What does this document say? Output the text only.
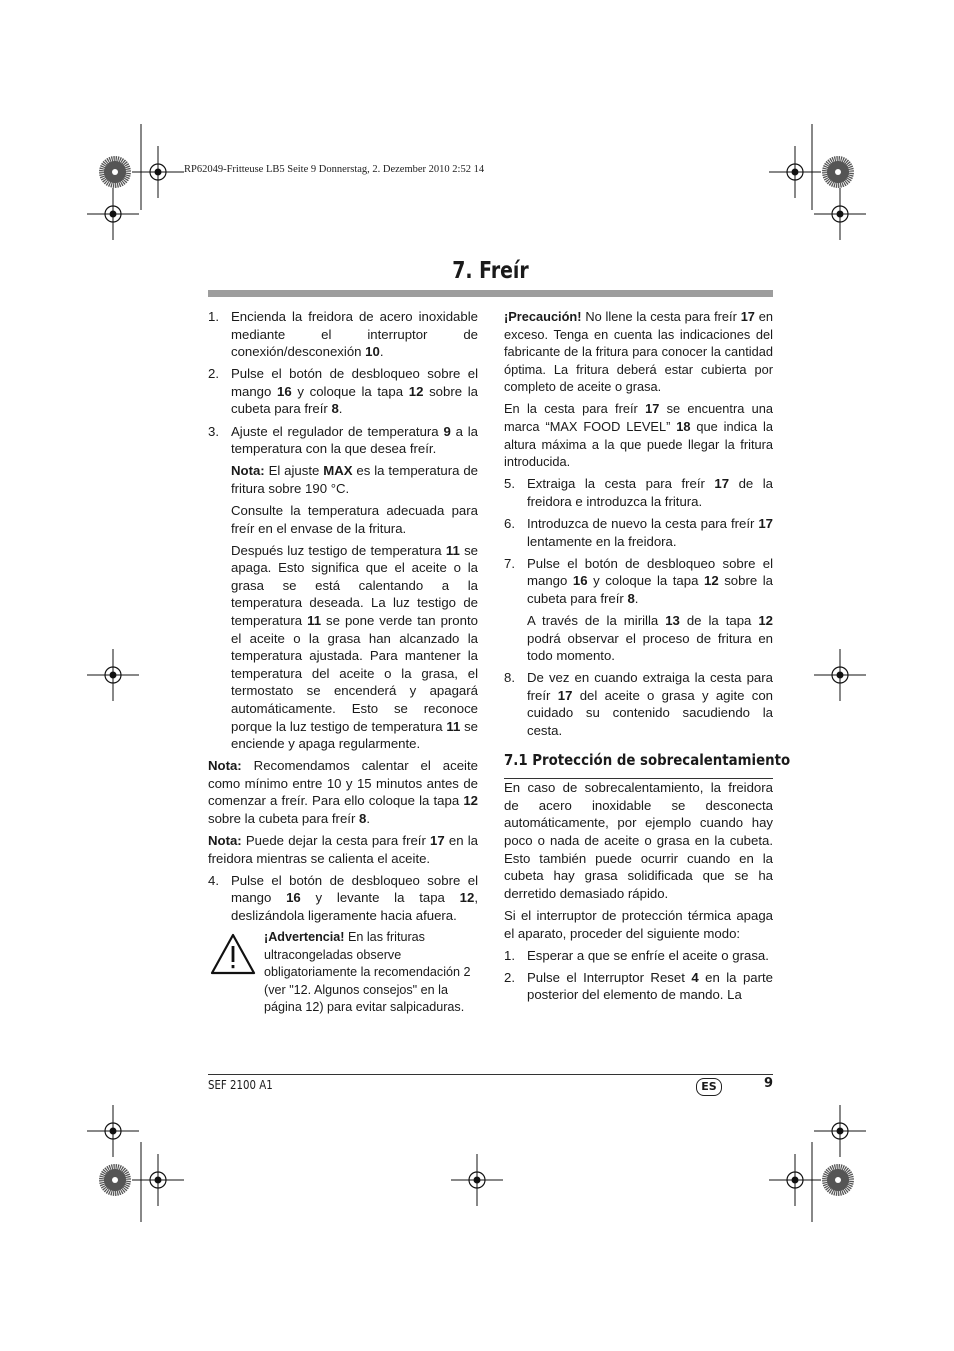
RP62049-Fritteuse LB5 Seite 9 Donnerstag, 2. Dezember 2010 2:52 14
7. Freír
1. Encienda la freidora de acero inoxidable mediante el interruptor de conexión/desconexión 10.
2. Pulse el botón de desbloqueo sobre el mango 16 y coloque la tapa 12 sobre la cubeta para freír 8.
3. Ajuste el regulador de temperatura 9 a la temperatura con la que desea freír.
Nota: El ajuste MAX es la temperatura de fritura sobre 190 °C.
Consulte la temperatura adecuada para freír en el envase de la fritura.
Después luz testigo de temperatura 11 se apaga. Esto significa que el aceite o la grasa se está calentando a la temperatura deseada. La luz testigo de temperatura 11 se pone verde tan pronto el aceite o la grasa han alcanzado la temperatura ajustada. Para mantener la temperatura del aceite o la grasa, el termostato se encenderá y apagará automáticamente. Esto se reconoce porque la luz testigo de temperatura 11 se enciende y apaga regularmente.

Nota: Recomendamos calentar el aceite como mínimo entre 10 y 15 minutos antes de comenzar a freír. Para ello coloque la tapa 12 sobre la cubeta para freír 8.

Nota: Puede dejar la cesta para freír 17 en la freidora mientras se calienta el aceite.

4. Pulse el botón de desbloqueo sobre el mango 16 y levante la tapa 12, deslizándola ligeramente hacia afuera.
¡Advertencia! En las frituras ultracongeladas observe obligatoriamente la recomendación 2 (ver "12. Algunos consejos" en la página 12) para evitar salpicaduras.

¡Precaución! No llene la cesta para freír 17 en exceso. Tenga en cuenta las indicaciones del fabricante de la fritura para conocer la cantidad óptima. La fritura deberá estar cubierta por completo de aceite o grasa.

En la cesta para freír 17 se encuentra una marca “MAX FOOD LEVEL” 18 que indica la altura máxima a la que puede llegar la fritura introducida.

5. Extraiga la cesta para freír 17 de la freidora e introduzca la fritura.
6. Introduzca de nuevo la cesta para freír 17 lentamente en la freidora.
7. Pulse el botón de desbloqueo sobre el mango 16 y coloque la tapa 12 sobre la cubeta para freír 8.
A través de la mirilla 13 de la tapa 12 podrá observar el proceso de fritura en todo momento.
8. De vez en cuando extraiga la cesta para freír 17 del aceite o grasa y agite con cuidado su contenido sacudiendo la cesta.
7.1 Protección de sobrecalentamiento

En caso de sobrecalentamiento, la freidora de acero inoxidable se desconecta automáticamente, por ejemplo cuando hay poco o nada de aceite o grasa en la cubeta. Esto también puede ocurrir cuando en la cubeta hay grasa solidificada que se ha derretido demasiado rápido.

Si el interruptor de protección térmica apaga el aparato, proceder del siguiente modo:

1. Esperar a que se enfríe el aceite o grasa.
2. Pulse el Interruptor Reset 4 en la parte posterior del elemento de mando. La
SEF 2100 A1	ES	9
